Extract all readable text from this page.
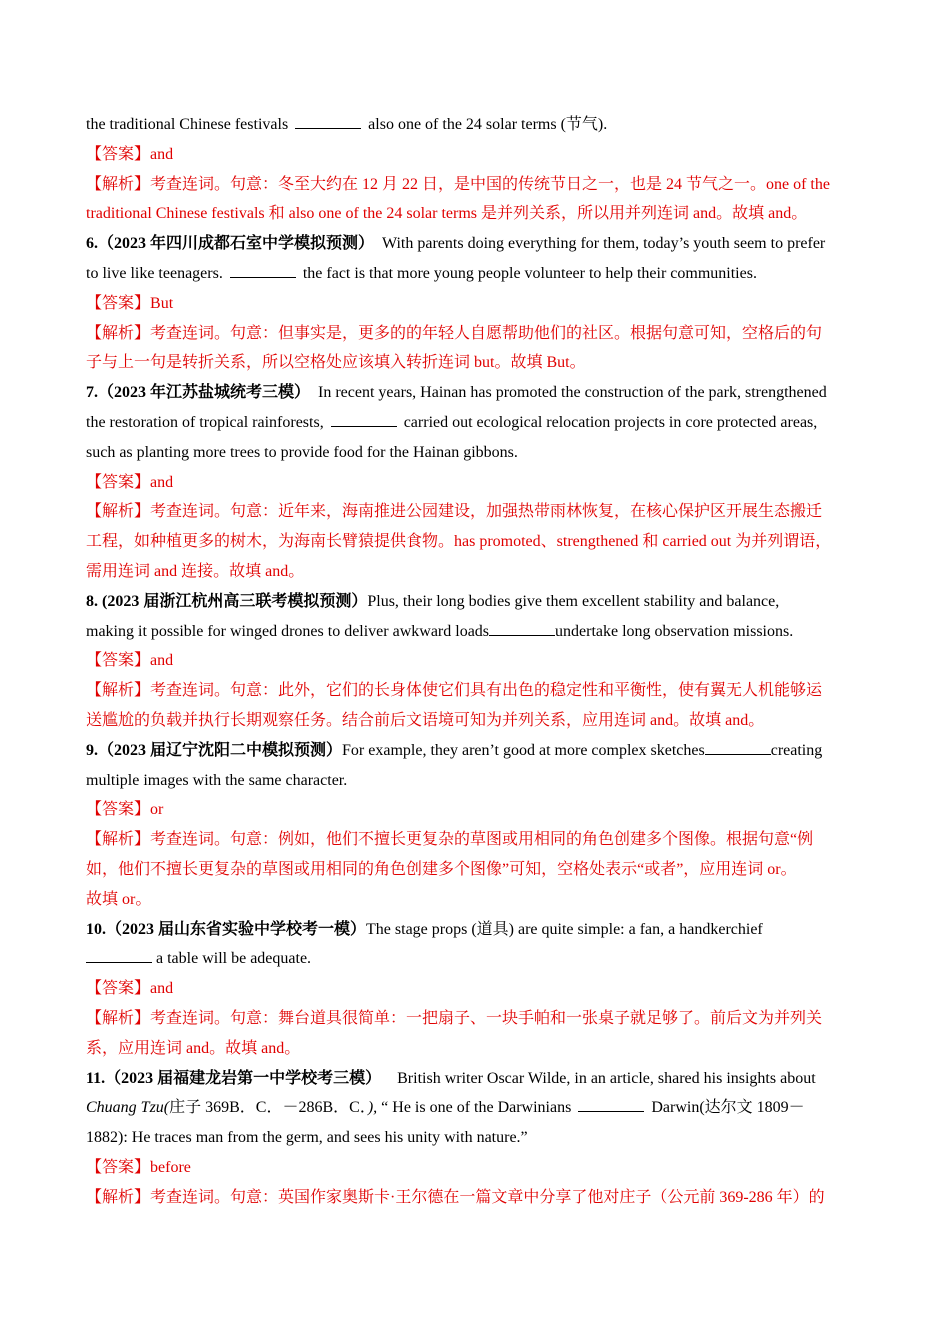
the traditional Chinese festivals	also one of the 24 solar terms (节气).
【答案】and
【解析】考查连词。句意：冬至大约在 12 月 22 日，是中国的传统节日之一，也是 24 节气之一。one of the
traditional Chinese festivals 和 also one of the 24 solar terms 是并列关系，所以用并列连词 and。故填 and。
6.（2023 年四川成都石室中学模拟预测）  With parents doing everything for them, today’s youth seem to prefer
to live like teenagers.	the fact is that more young people volunteer to help their communities.
【答案】But
【解析】考查连词。句意：但事实是，更多的的年轻人自愿帮助他们的社区。根据句意可知，空格后的句
子与上一句是转折关系，所以空格处应该填入转折连词 but。故填 But。
7.（2023 年江苏盐城统考三模）  In recent years, Hainan has promoted the construction of the park, strengthened
the restoration of tropical rainforests,	carried out ecological relocation projects in core protected areas,
such as planting more trees to provide food for the Hainan gibbons.
【答案】and
【解析】考查连词。句意：近年来，海南推进公园建设，加强热带雨林恢复，在核心保护区开展生态搬迁
工程，如种植更多的树木，为海南长臂猿提供食物。has promoted、strengthened 和 carried out 为并列谓语，
需用连词 and 连接。故填 and。
8. (2023 届浙江杭州高三联考模拟预测）Plus, their long bodies give them excellent stability and balance,
making it possible for winged drones to deliver awkward loads	undertake long observation missions.
【答案】and
【解析】考查连词。句意：此外，它们的长身体使它们具有出色的稳定性和平衡性，使有翼无人机能够运
送尴尬的负载并执行长期观察任务。结合前后文语境可知为并列关系，应用连词 and。故填 and。
9.（2023 届辽宁沈阳二中模拟预测）For example, they aren’t good at more complex sketches	creating
multiple images with the same character.
【答案】or
【解析】考查连词。句意：例如，他们不擅长更复杂的草图或用相同的角色创建多个图像。根据句意“例
如，他们不擅长更复杂的草图或用相同的角色创建多个图像”可知，空格处表示“或者”，应用连词 or。
故填 or。
10.（2023 届山东省实验中学校考一模）The stage props (道具) are quite simple: a fan, a handkerchief
a table will be adequate.
【答案】and
【解析】考查连词。句意：舞台道具很简单：一把扇子、一块手帕和一张桌子就足够了。前后文为并列关
系，应用连词 and。故填 and。
11.（2023 届福建龙岩第一中学校考三模）    British writer Oscar Wilde, in an article, shared his insights about
Chuang Tzu(庄子 369B．C．－286B．C．), “ He is one of the Darwinians	Darwin(达尔文 1809－
1882): He traces man from the germ, and sees his unity with nature.”
【答案】before
【解析】考查连词。句意：英国作家奥斯卡·王尔德在一篇文章中分享了他对庄子（公元前 369-286 年）的
